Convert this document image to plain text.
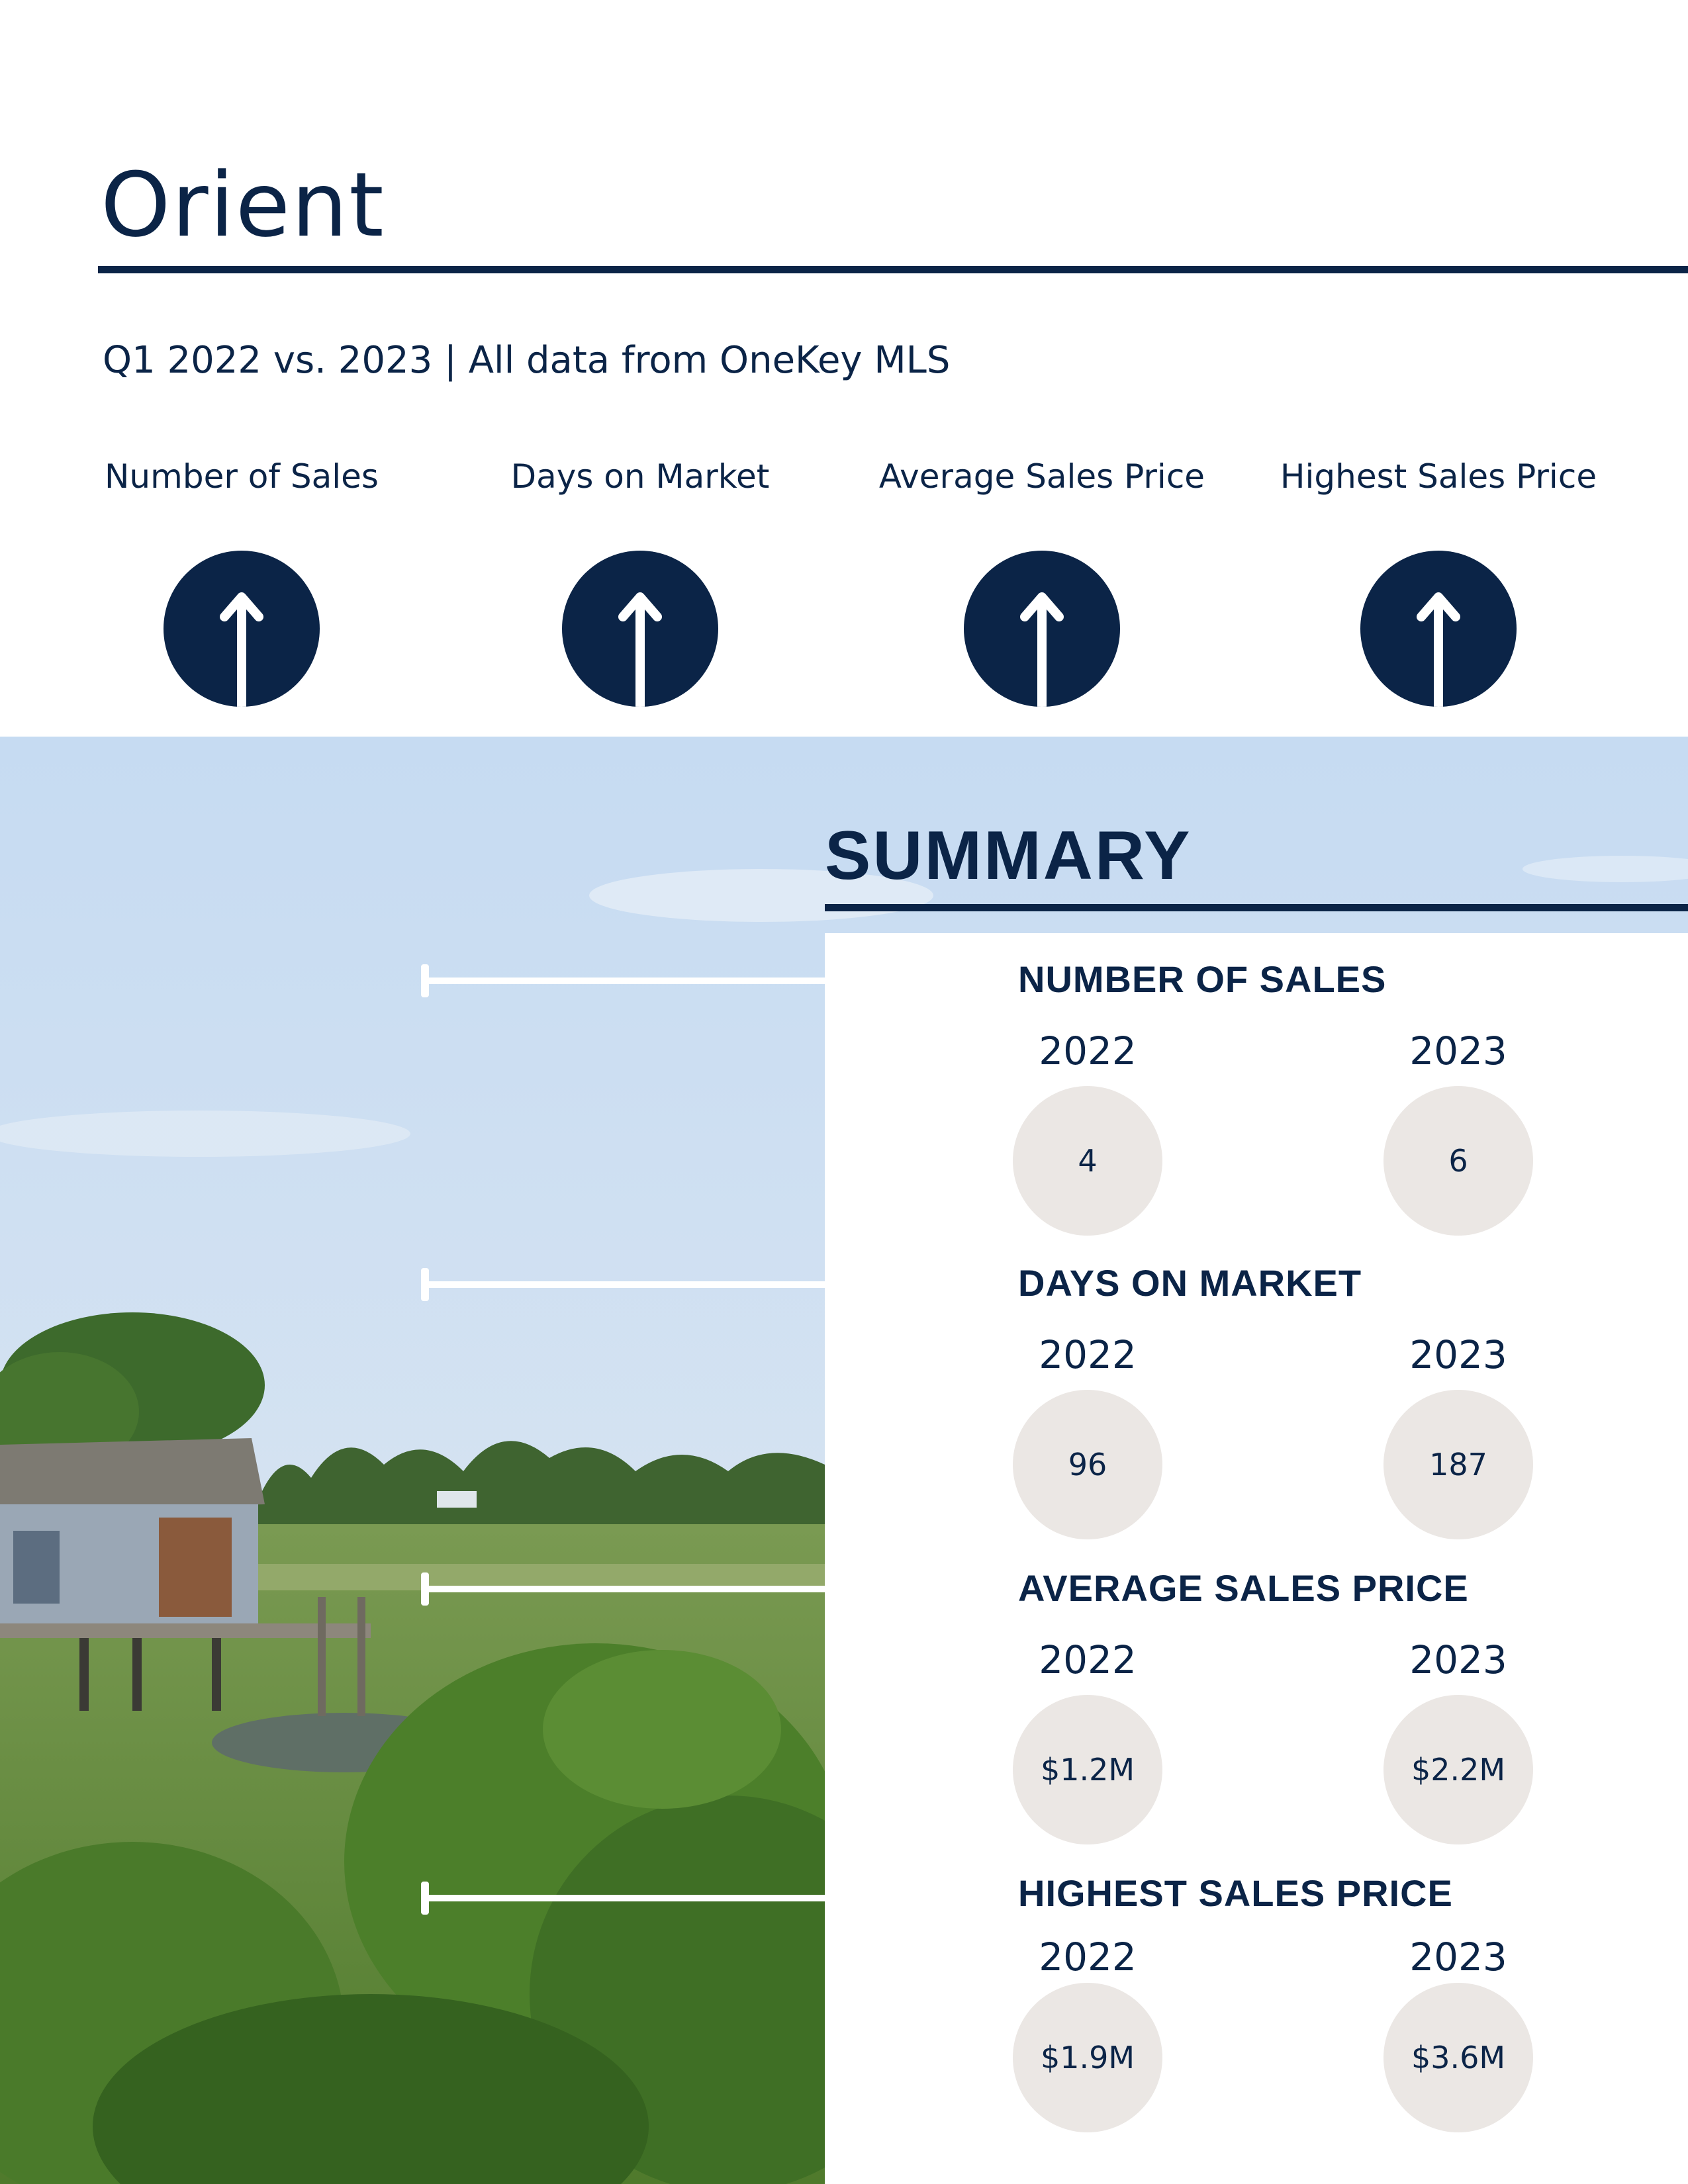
Orient
Q1 2022 vs. 2023 | All data from OneKey MLS
Number of Sales	Days on Market	Average Sales Price	Highest Sales Price
SUMMARY
NUMBER OF SALES
2022	2023
4	6
DAYS ON MARKET
2022	2023
96	187
AVERAGE SALES PRICE
2022	2023
$1.2M	$2.2M
HIGHEST SALES PRICE
2022	2023
$1.9M	$3.6M
